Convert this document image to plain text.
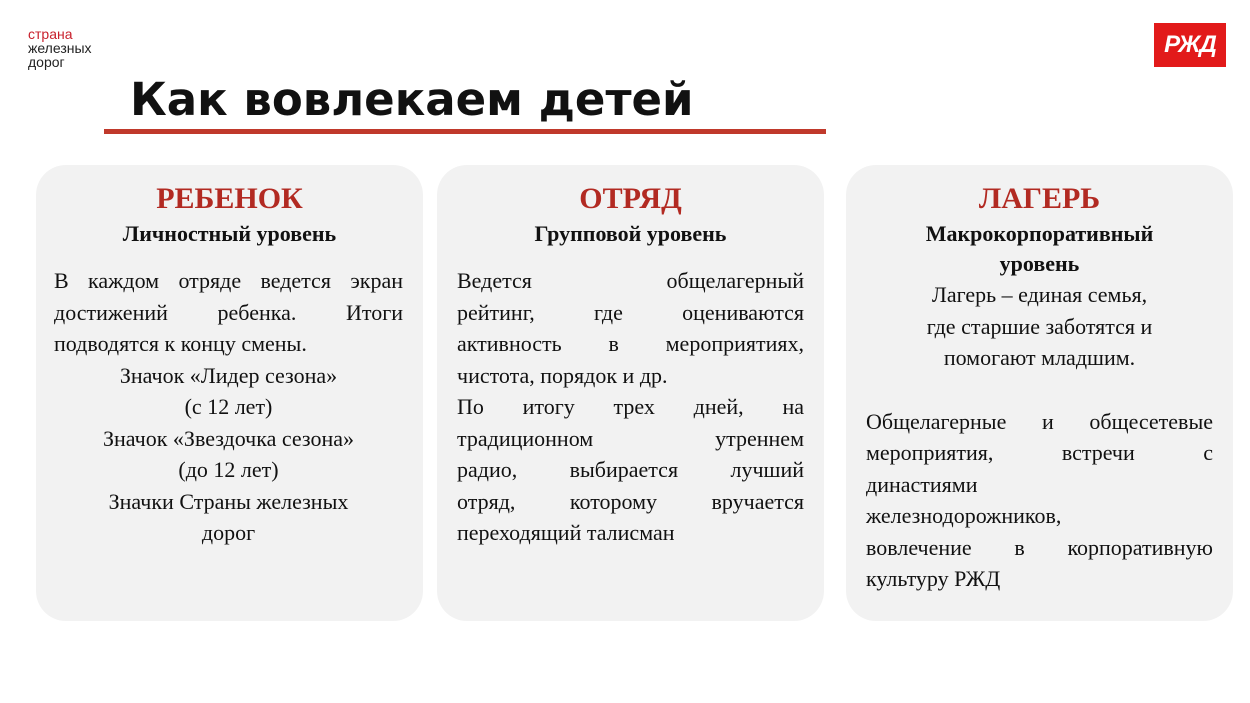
страна
железных
дорог
РЖД
Как вовлекаем детей
РЕБЕНОК
Личностный уровень
В каждом отряде ведется экран
достижений ребенка. Итоги
подводятся к концу смены.
Значок «Лидер сезона»
(с 12 лет)
Значок «Звездочка сезона»
(до 12 лет)
Значки Страны железных
дорог
ОТРЯД
Групповой уровень
Ведется общелагерный
рейтинг, где оцениваются
активность в мероприятиях,
чистота, порядок и др.
По итогу трех дней, на
традиционном утреннем
радио, выбирается лучший
отряд, которому вручается
переходящий талисман
ЛАГЕРЬ
Макрокорпоративный
уровень
Лагерь – единая семья,
где старшие заботятся и
помогают младшим.
Общелагерные и общесетевые
мероприятия, встречи с
династиями
железнодорожников,
вовлечение в корпоративную
культуру РЖД
